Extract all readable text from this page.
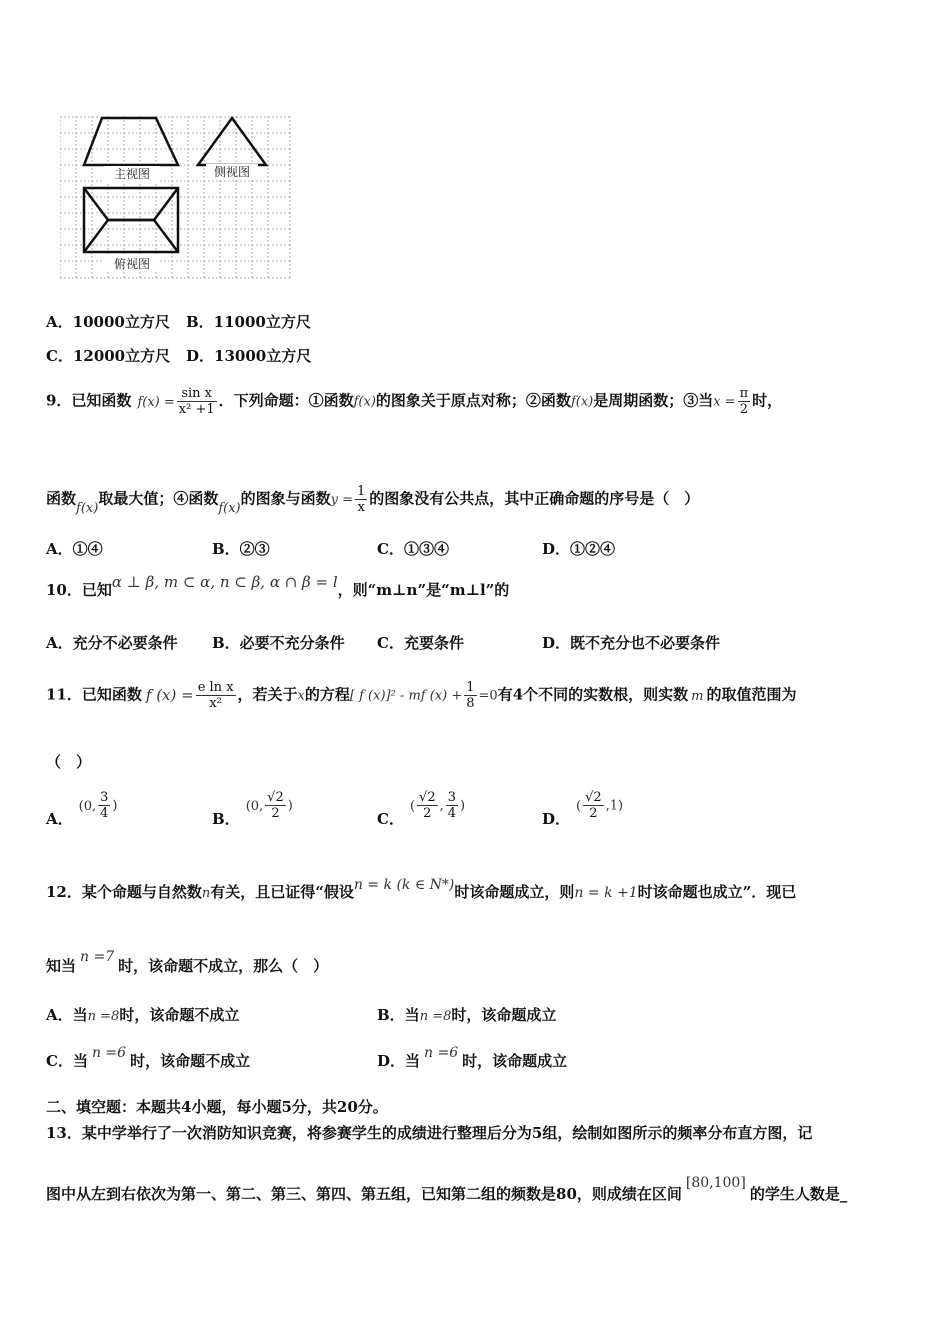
主视图	侧视图
俯视图
A．10000立方尺 B．11000立方尺
C．12000立方尺 D．13000立方尺
9．已知函数 $f(x) = \frac{\text{sin x}}{\text{x² +1}}$ ．下列命题：①函数f(x)的图象关于原点对称；②函数f(x)是周期函数；③当$x = \frac{\pi}{2}$ 时，
函数f(x)取最大值；④函数f(x)的图象与函数$y = \frac{1}{x}$ 的图象没有公共点，其中正确命题的序号是（　）
A．①④	B．②③	C．①③④	D．①②④
10．已知α ⊥ β, m ⊂ α, n ⊂ β, α ∩ β = l，则“m⊥n”是“m⊥l”的
A．充分不必要条件 B．必要不充分条件 C．充要条件	D．既不充分也不必要条件
11．已知函数 f $(x) = \frac{\text{e ln x}}{\text{x²}}$ ，若关于x的方程[ f (x)]² - mf $(x) + \frac{1}{8} =0$有4个不同的实数根，则实数 m 的取值范围为
（　）
A．(0, $\frac{3}{4}$ )
B．(0, $\frac{√2}{2}$ )
C．( $\frac{√2}{2}$ , $\frac{3}{4}$ )
D．( $\frac{√2}{2} ,1$)
12．某个命题与自然数n有关，且已证得“假设n = k (k ∈ N*)时该命题成立，则n = k +1时该命题也成立”．现已
知当 n =7 时，该命题不成立，那么（　）
A．当n =8时，该命题不成立	B．当n =8时，该命题成立
C．当 n =6 时，该命题不成立	D．当 n =6 时，该命题成立
二、填空题：本题共4小题，每小题5分，共20分。
13．某中学举行了一次消防知识竞赛，将参赛学生的成绩进行整理后分为5组，绘制如图所示的频率分布直方图，记
图中从左到右依次为第一、第二、第三、第四、第五组，已知第二组的频数是80，则成绩在区间[80,100]的学生人数是_
